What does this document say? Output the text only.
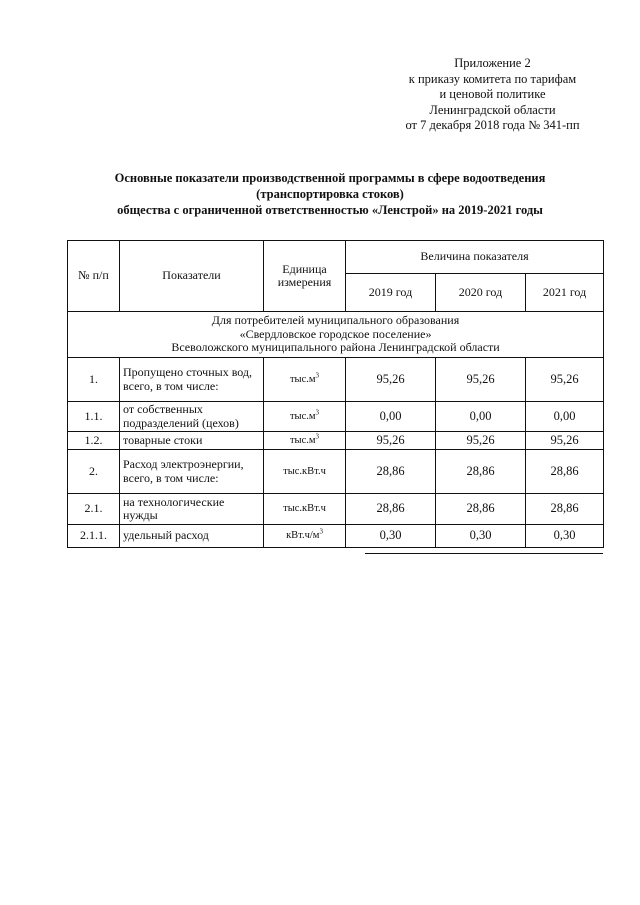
Приложение 2
к приказу комитета по тарифам
и ценовой политике
Ленинградской области
от 7 декабря 2018 года № 341-пп
Основные показатели производственной программы в сфере водоотведения
(транспортировка стоков)
общества с ограниченной ответственностью «Ленстрой» на 2019-2021 годы
№ п/п	Показатели	Единица измерения	Величина показателя		
			2019 год	2020 год	2021 год

Для потребителей муниципального образования
«Свердловское городское поселение»
Всеволожского муниципального района Ленинградской области					

1.	Пропущено сточных вод, всего, в том числе:	$тыс.м^3$	95,26	95,26	95,26
1.1.	от собственных подразделений (цехов)	$тыс.м^3$	0,00	0,00	0,00
1.2.	товарные стоки	$тыс.м^3$	95,26	95,26	95,26
2.	Расход электроэнергии, всего, в том числе:	тыс.кВт.ч	28,86	28,86	28,86
2.1.	на технологические нужды	тыс.кВт.ч	28,86	28,86	28,86
2.1.1.	удельный расход	$кВт.ч/м^3$	0,30	0,30	0,30
